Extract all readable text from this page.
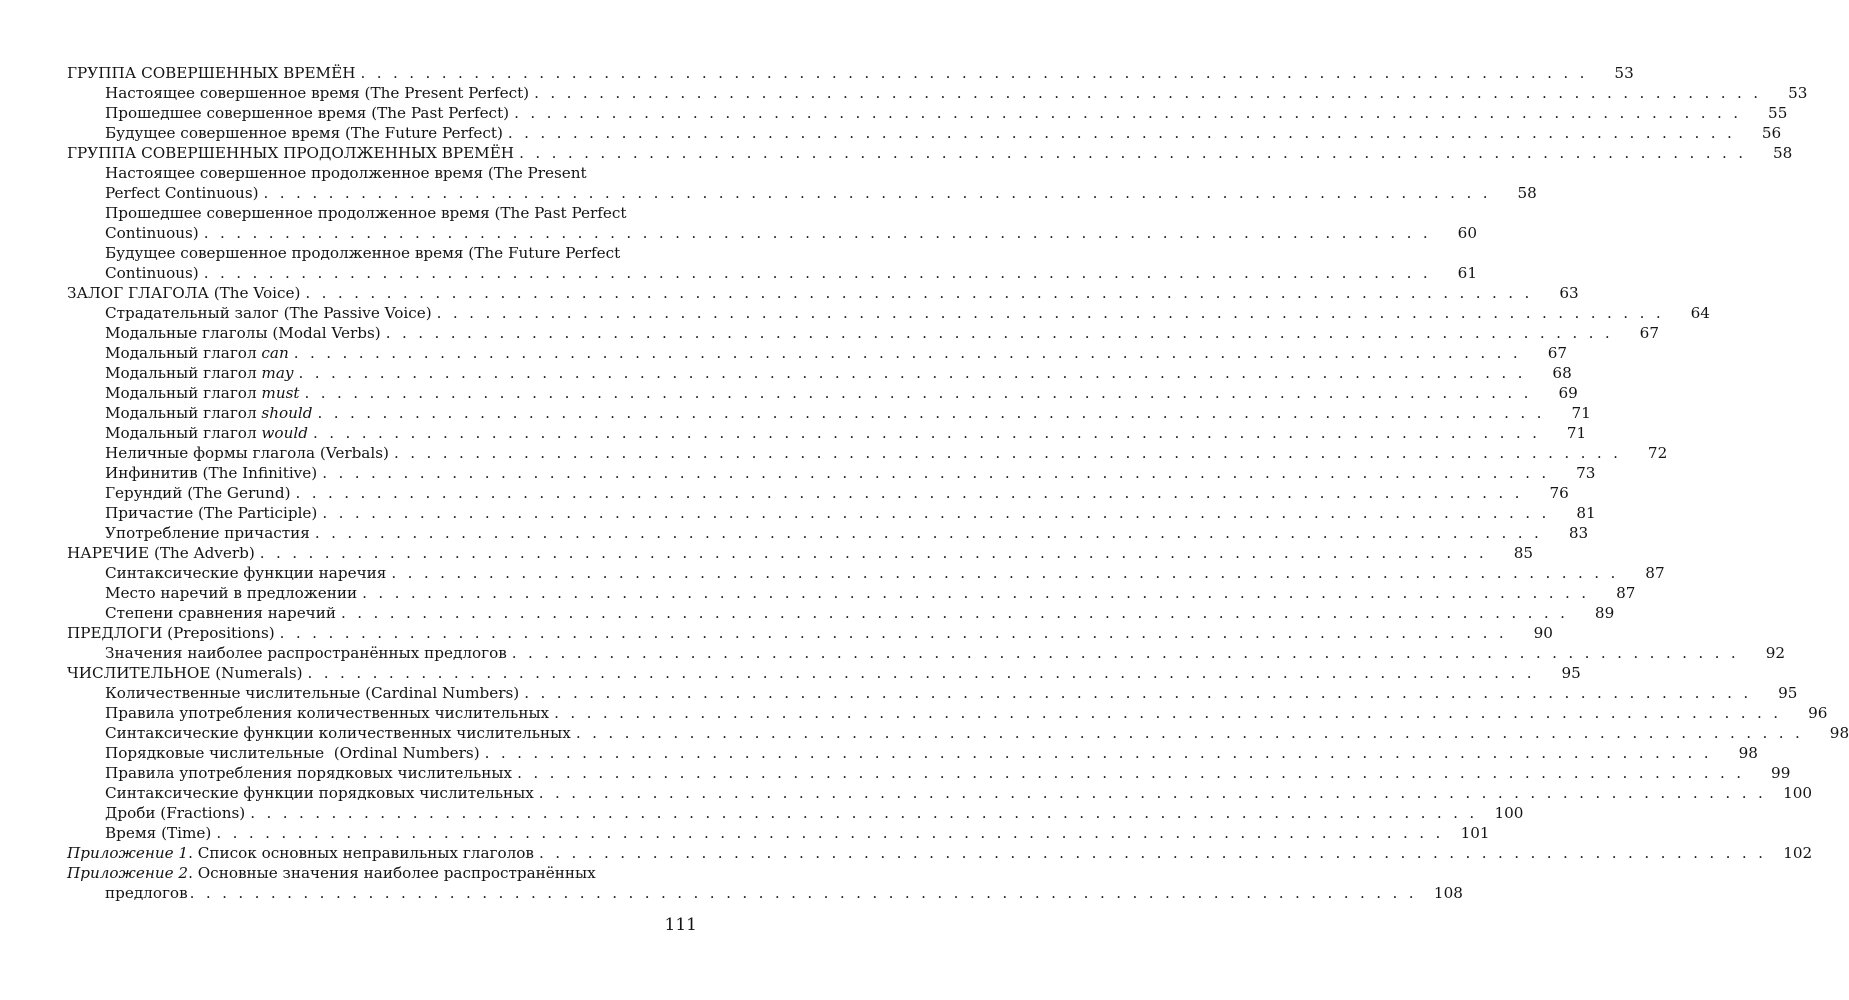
ГРУППА СОВЕРШЕННЫХ ВРЕМЁН . . . . . . . . . . . . . . . . . . . . . . . . . . . . . . . . . . . . . . . . . . . . . . . . . . . . . . . . . . . . . . . . . . . . . . . . . . . .	53
Настоящее совершенное время (The Present Perfect) . . . . . . . . . . . . . . . . . . . . . . . . . . . . . . . . . . . . . . . . . . . . . . . . . . . . . . . . . . . . . . . . . . . . . . . . . . . .	53
Прошедшее совершенное время (The Past Perfect) . . . . . . . . . . . . . . . . . . . . . . . . . . . . . . . . . . . . . . . . . . . . . . . . . . . . . . . . . . . . . . . . . . . . . . . . . . . .	55
Будущее совершенное время (The Future Perfect) . . . . . . . . . . . . . . . . . . . . . . . . . . . . . . . . . . . . . . . . . . . . . . . . . . . . . . . . . . . . . . . . . . . . . . . . . . . .	56
ГРУППА СОВЕРШЕННЫХ ПРОДОЛЖЕННЫХ ВРЕМЁН . . . . . . . . . . . . . . . . . . . . . . . . . . . . . . . . . . . . . . . . . . . . . . . . . . . . . . . . . . . . . . . . . . . . . . . . . . . .	58
Настоящее совершенное продолженное время (The Present
Perfect Continuous) . . . . . . . . . . . . . . . . . . . . . . . . . . . . . . . . . . . . . . . . . . . . . . . . . . . . . . . . . . . . . . . . . . . . . . . . . . . .	58
Прошедшее совершенное продолженное время (The Past Perfect
Continuous) . . . . . . . . . . . . . . . . . . . . . . . . . . . . . . . . . . . . . . . . . . . . . . . . . . . . . . . . . . . . . . . . . . . . . . . . . . . .	60
Будущее совершенное продолженное время (The Future Perfect
Continuous) . . . . . . . . . . . . . . . . . . . . . . . . . . . . . . . . . . . . . . . . . . . . . . . . . . . . . . . . . . . . . . . . . . . . . . . . . . . .	61
ЗАЛОГ ГЛАГОЛА (The Voice) . . . . . . . . . . . . . . . . . . . . . . . . . . . . . . . . . . . . . . . . . . . . . . . . . . . . . . . . . . . . . . . . . . . . . . . . . . . .	63
Страдательный залог (The Passive Voice) . . . . . . . . . . . . . . . . . . . . . . . . . . . . . . . . . . . . . . . . . . . . . . . . . . . . . . . . . . . . . . . . . . . . . . . . . . . .	64
Модальные глаголы (Modal Verbs) . . . . . . . . . . . . . . . . . . . . . . . . . . . . . . . . . . . . . . . . . . . . . . . . . . . . . . . . . . . . . . . . . . . . . . . . . . . .	67
Модальный глагол can . . . . . . . . . . . . . . . . . . . . . . . . . . . . . . . . . . . . . . . . . . . . . . . . . . . . . . . . . . . . . . . . . . . . . . . . . . . .	67
Модальный глагол may . . . . . . . . . . . . . . . . . . . . . . . . . . . . . . . . . . . . . . . . . . . . . . . . . . . . . . . . . . . . . . . . . . . . . . . . . . . .	68
Модальный глагол must . . . . . . . . . . . . . . . . . . . . . . . . . . . . . . . . . . . . . . . . . . . . . . . . . . . . . . . . . . . . . . . . . . . . . . . . . . . .	69
Модальный глагол should . . . . . . . . . . . . . . . . . . . . . . . . . . . . . . . . . . . . . . . . . . . . . . . . . . . . . . . . . . . . . . . . . . . . . . . . . . . .	71
Модальный глагол would . . . . . . . . . . . . . . . . . . . . . . . . . . . . . . . . . . . . . . . . . . . . . . . . . . . . . . . . . . . . . . . . . . . . . . . . . . . .	71
Неличные формы глагола (Verbals) . . . . . . . . . . . . . . . . . . . . . . . . . . . . . . . . . . . . . . . . . . . . . . . . . . . . . . . . . . . . . . . . . . . . . . . . . . . .	72
Инфинитив (The Infinitive) . . . . . . . . . . . . . . . . . . . . . . . . . . . . . . . . . . . . . . . . . . . . . . . . . . . . . . . . . . . . . . . . . . . . . . . . . . . .	73
Герундий (The Gerund) . . . . . . . . . . . . . . . . . . . . . . . . . . . . . . . . . . . . . . . . . . . . . . . . . . . . . . . . . . . . . . . . . . . . . . . . . . . .	76
Причастие (The Participle) . . . . . . . . . . . . . . . . . . . . . . . . . . . . . . . . . . . . . . . . . . . . . . . . . . . . . . . . . . . . . . . . . . . . . . . . . . . .	81
Употребление причастия . . . . . . . . . . . . . . . . . . . . . . . . . . . . . . . . . . . . . . . . . . . . . . . . . . . . . . . . . . . . . . . . . . . . . . . . . . . .	83
НАРЕЧИЕ (The Adverb) . . . . . . . . . . . . . . . . . . . . . . . . . . . . . . . . . . . . . . . . . . . . . . . . . . . . . . . . . . . . . . . . . . . . . . . . . . . .	85
Синтаксические функции наречия . . . . . . . . . . . . . . . . . . . . . . . . . . . . . . . . . . . . . . . . . . . . . . . . . . . . . . . . . . . . . . . . . . . . . . . . . . . .	87
Место наречий в предложении . . . . . . . . . . . . . . . . . . . . . . . . . . . . . . . . . . . . . . . . . . . . . . . . . . . . . . . . . . . . . . . . . . . . . . . . . . . .	87
Степени сравнения наречий . . . . . . . . . . . . . . . . . . . . . . . . . . . . . . . . . . . . . . . . . . . . . . . . . . . . . . . . . . . . . . . . . . . . . . . . . . . .	89
ПРЕДЛОГИ (Prepositions) . . . . . . . . . . . . . . . . . . . . . . . . . . . . . . . . . . . . . . . . . . . . . . . . . . . . . . . . . . . . . . . . . . . . . . . . . . . .	90
Значения наиболее распространённых предлогов . . . . . . . . . . . . . . . . . . . . . . . . . . . . . . . . . . . . . . . . . . . . . . . . . . . . . . . . . . . . . . . . . . . . . . . . . . . .	92
ЧИСЛИТЕЛЬНОЕ (Numerals) . . . . . . . . . . . . . . . . . . . . . . . . . . . . . . . . . . . . . . . . . . . . . . . . . . . . . . . . . . . . . . . . . . . . . . . . . . . .	95
Количественные числительные (Cardinal Numbers) . . . . . . . . . . . . . . . . . . . . . . . . . . . . . . . . . . . . . . . . . . . . . . . . . . . . . . . . . . . . . . . . . . . . . . . . . . . .	95
Правила употребления количественных числительных . . . . . . . . . . . . . . . . . . . . . . . . . . . . . . . . . . . . . . . . . . . . . . . . . . . . . . . . . . . . . . . . . . . . . . . . . . . .	96
Синтаксические функции количественных числительных . . . . . . . . . . . . . . . . . . . . . . . . . . . . . . . . . . . . . . . . . . . . . . . . . . . . . . . . . . . . . . . . . . . . . . . . . . . .	98
Порядковые числительные  (Ordinal Numbers) . . . . . . . . . . . . . . . . . . . . . . . . . . . . . . . . . . . . . . . . . . . . . . . . . . . . . . . . . . . . . . . . . . . . . . . . . . . .	98
Правила употребления порядковых числительных . . . . . . . . . . . . . . . . . . . . . . . . . . . . . . . . . . . . . . . . . . . . . . . . . . . . . . . . . . . . . . . . . . . . . . . . . . . .	99
Синтаксические функции порядковых числительных . . . . . . . . . . . . . . . . . . . . . . . . . . . . . . . . . . . . . . . . . . . . . . . . . . . . . . . . . . . . . . . . . . . . . . . . . . . .	100
Дроби (Fractions) . . . . . . . . . . . . . . . . . . . . . . . . . . . . . . . . . . . . . . . . . . . . . . . . . . . . . . . . . . . . . . . . . . . . . . . . . . . .	100
Время (Time) . . . . . . . . . . . . . . . . . . . . . . . . . . . . . . . . . . . . . . . . . . . . . . . . . . . . . . . . . . . . . . . . . . . . . . . . . . . .	101
Приложение 1. Список основных неправильных глаголов . . . . . . . . . . . . . . . . . . . . . . . . . . . . . . . . . . . . . . . . . . . . . . . . . . . . . . . . . . . . . . . . . . . . . . . . . . . .	102
Приложение 2. Основные значения наиболее распространённых
предлогов . . . . . . . . . . . . . . . . . . . . . . . . . . . . . . . . . . . . . . . . . . . . . . . . . . . . . . . . . . . . . . . . . . . . . . . . . . . .	108
111
